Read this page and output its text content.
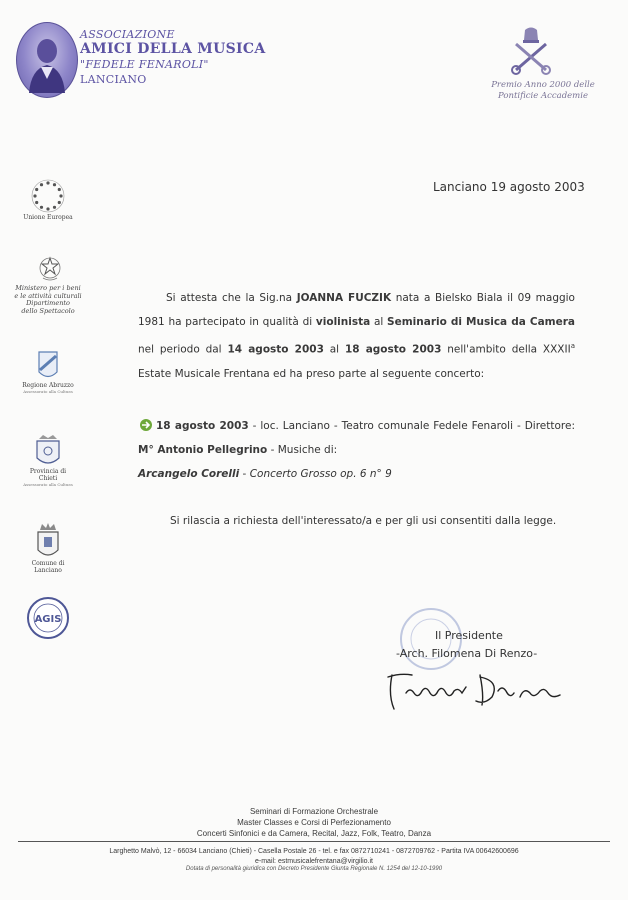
ASSOCIAZIONE
AMICI DELLA MUSICA
"FEDELE FENAROLI"
LANCIANO	Premio Anno 2000 delle
Pontificie Accademie
Lanciano 19 agosto 2003
Unione Europea
Ministero per i beni
e le attività culturali
Dipartimento
dello Spettacolo
Regione Abruzzo
Assessorato alla Cultura
Provincia di Chieti
Assessorato alla Cultura
Comune di Lanciano
AGIS
Si attesta che la Sig.na JOANNA FUCZIK nata a Bielsko Biala il 09 maggio 1981 ha partecipato in qualità di violinista al Seminario di Musica da Camera nel periodo dal 14 agosto 2003 al 18 agosto 2003 nell'ambito della XXXII$^a$ Estate Musicale Frentana ed ha preso parte al seguente concerto:
18 agosto 2003 - loc. Lanciano - Teatro comunale Fedele Fenaroli - Direttore: M° Antonio Pellegrino - Musiche di:
Arcangelo Corelli - Concerto Grosso op. 6 n° 9
Si rilascia a richiesta dell'interessato/a e per gli usi consentiti dalla legge.
Il Presidente
-Arch. Filomena Di Renzo-
Seminari di Formazione Orchestrale
Master Classes e Corsi di Perfezionamento
Concerti Sinfonici e da Camera, Recital, Jazz, Folk, Teatro, Danza
Larghetto Malvò, 12 - 66034 Lanciano (Chieti) - Casella Postale 26 - tel. e fax 0872710241 - 0872709762 - Partita IVA 00642600696
e-mail: estmusicalefrentana@virgilio.it
Dotata di personalità giuridica con Decreto Presidente Giunta Regionale N. 1254 del 12-10-1990
